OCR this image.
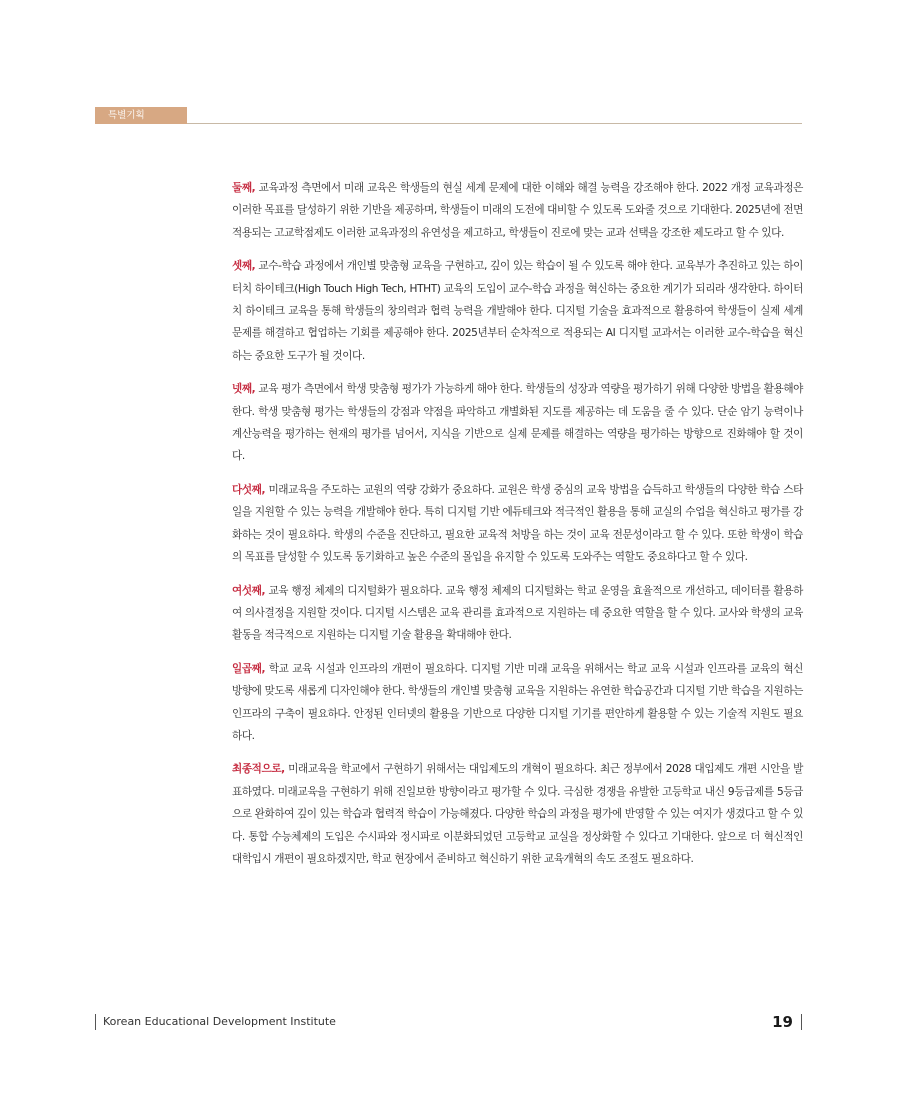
특별기획

둘째, 교육과정 측면에서 미래 교육은 학생들의 현실 세계 문제에 대한 이해와 해결 능력을 강조해야 한다. 2022 개정 교육과정은 이러한 목표를 달성하기 위한 기반을 제공하며, 학생들이 미래의 도전에 대비할 수 있도록 도와줄 것으로 기대한다. 2025년에 전면 적용되는 고교학점제도 이러한 교육과정의 유연성을 제고하고, 학생들이 진로에 맞는 교과 선택을 강조한 제도라고 할 수 있다.

셋째, 교수-학습 과정에서 개인별 맞춤형 교육을 구현하고, 깊이 있는 학습이 될 수 있도록 해야 한다. 교육부가 추진하고 있는 하이터치 하이테크(High Touch High Tech, HTHT) 교육의 도입이 교수-학습 과정을 혁신하는 중요한 계기가 되리라 생각한다. 하이터치 하이테크 교육을 통해 학생들의 창의력과 협력 능력을 개발해야 한다. 디지털 기술을 효과적으로 활용하여 학생들이 실제 세계 문제를 해결하고 협업하는 기회를 제공해야 한다. 2025년부터 순차적으로 적용되는 AI 디지털 교과서는 이러한 교수-학습을 혁신하는 중요한 도구가 될 것이다.

넷째, 교육 평가 측면에서 학생 맞춤형 평가가 가능하게 해야 한다. 학생들의 성장과 역량을 평가하기 위해 다양한 방법을 활용해야 한다. 학생 맞춤형 평가는 학생들의 강점과 약점을 파악하고 개별화된 지도를 제공하는 데 도움을 줄 수 있다. 단순 암기 능력이나 계산능력을 평가하는 현재의 평가를 넘어서, 지식을 기반으로 실제 문제를 해결하는 역량을 평가하는 방향으로 진화해야 할 것이다.

다섯째, 미래교육을 주도하는 교원의 역량 강화가 중요하다. 교원은 학생 중심의 교육 방법을 습득하고 학생들의 다양한 학습 스타일을 지원할 수 있는 능력을 개발해야 한다. 특히 디지털 기반 에듀테크와 적극적인 활용을 통해 교실의 수업을 혁신하고 평가를 강화하는 것이 필요하다. 학생의 수준을 진단하고, 필요한 교육적 처방을 하는 것이 교육 전문성이라고 할 수 있다. 또한 학생이 학습의 목표를 달성할 수 있도록 동기화하고 높은 수준의 몰입을 유지할 수 있도록 도와주는 역할도 중요하다고 할 수 있다.

여섯째, 교육 행정 체제의 디지털화가 필요하다. 교육 행정 체제의 디지털화는 학교 운영을 효율적으로 개선하고, 데이터를 활용하여 의사결정을 지원할 것이다. 디지털 시스템은 교육 관리를 효과적으로 지원하는 데 중요한 역할을 할 수 있다. 교사와 학생의 교육활동을 적극적으로 지원하는 디지털 기술 활용을 확대해야 한다.

일곱째, 학교 교육 시설과 인프라의 개편이 필요하다. 디지털 기반 미래 교육을 위해서는 학교 교육 시설과 인프라를 교육의 혁신 방향에 맞도록 새롭게 디자인해야 한다. 학생들의 개인별 맞춤형 교육을 지원하는 유연한 학습공간과 디지털 기반 학습을 지원하는 인프라의 구축이 필요하다. 안정된 인터넷의 활용을 기반으로 다양한 디지털 기기를 편안하게 활용할 수 있는 기술적 지원도 필요하다.

최종적으로, 미래교육을 학교에서 구현하기 위해서는 대입제도의 개혁이 필요하다. 최근 정부에서 2028 대입제도 개편 시안을 발표하였다. 미래교육을 구현하기 위해 진일보한 방향이라고 평가할 수 있다. 극심한 경쟁을 유발한 고등학교 내신 9등급제를 5등급으로 완화하여 깊이 있는 학습과 협력적 학습이 가능해졌다. 다양한 학습의 과정을 평가에 반영할 수 있는 여지가 생겼다고 할 수 있다. 통합 수능체제의 도입은 수시파와 정시파로 이분화되었던 고등학교 교실을 정상화할 수 있다고 기대한다. 앞으로 더 혁신적인 대학입시 개편이 필요하겠지만, 학교 현장에서 준비하고 혁신하기 위한 교육개혁의 속도 조절도 필요하다.

Korean Educational Development Institute	19
